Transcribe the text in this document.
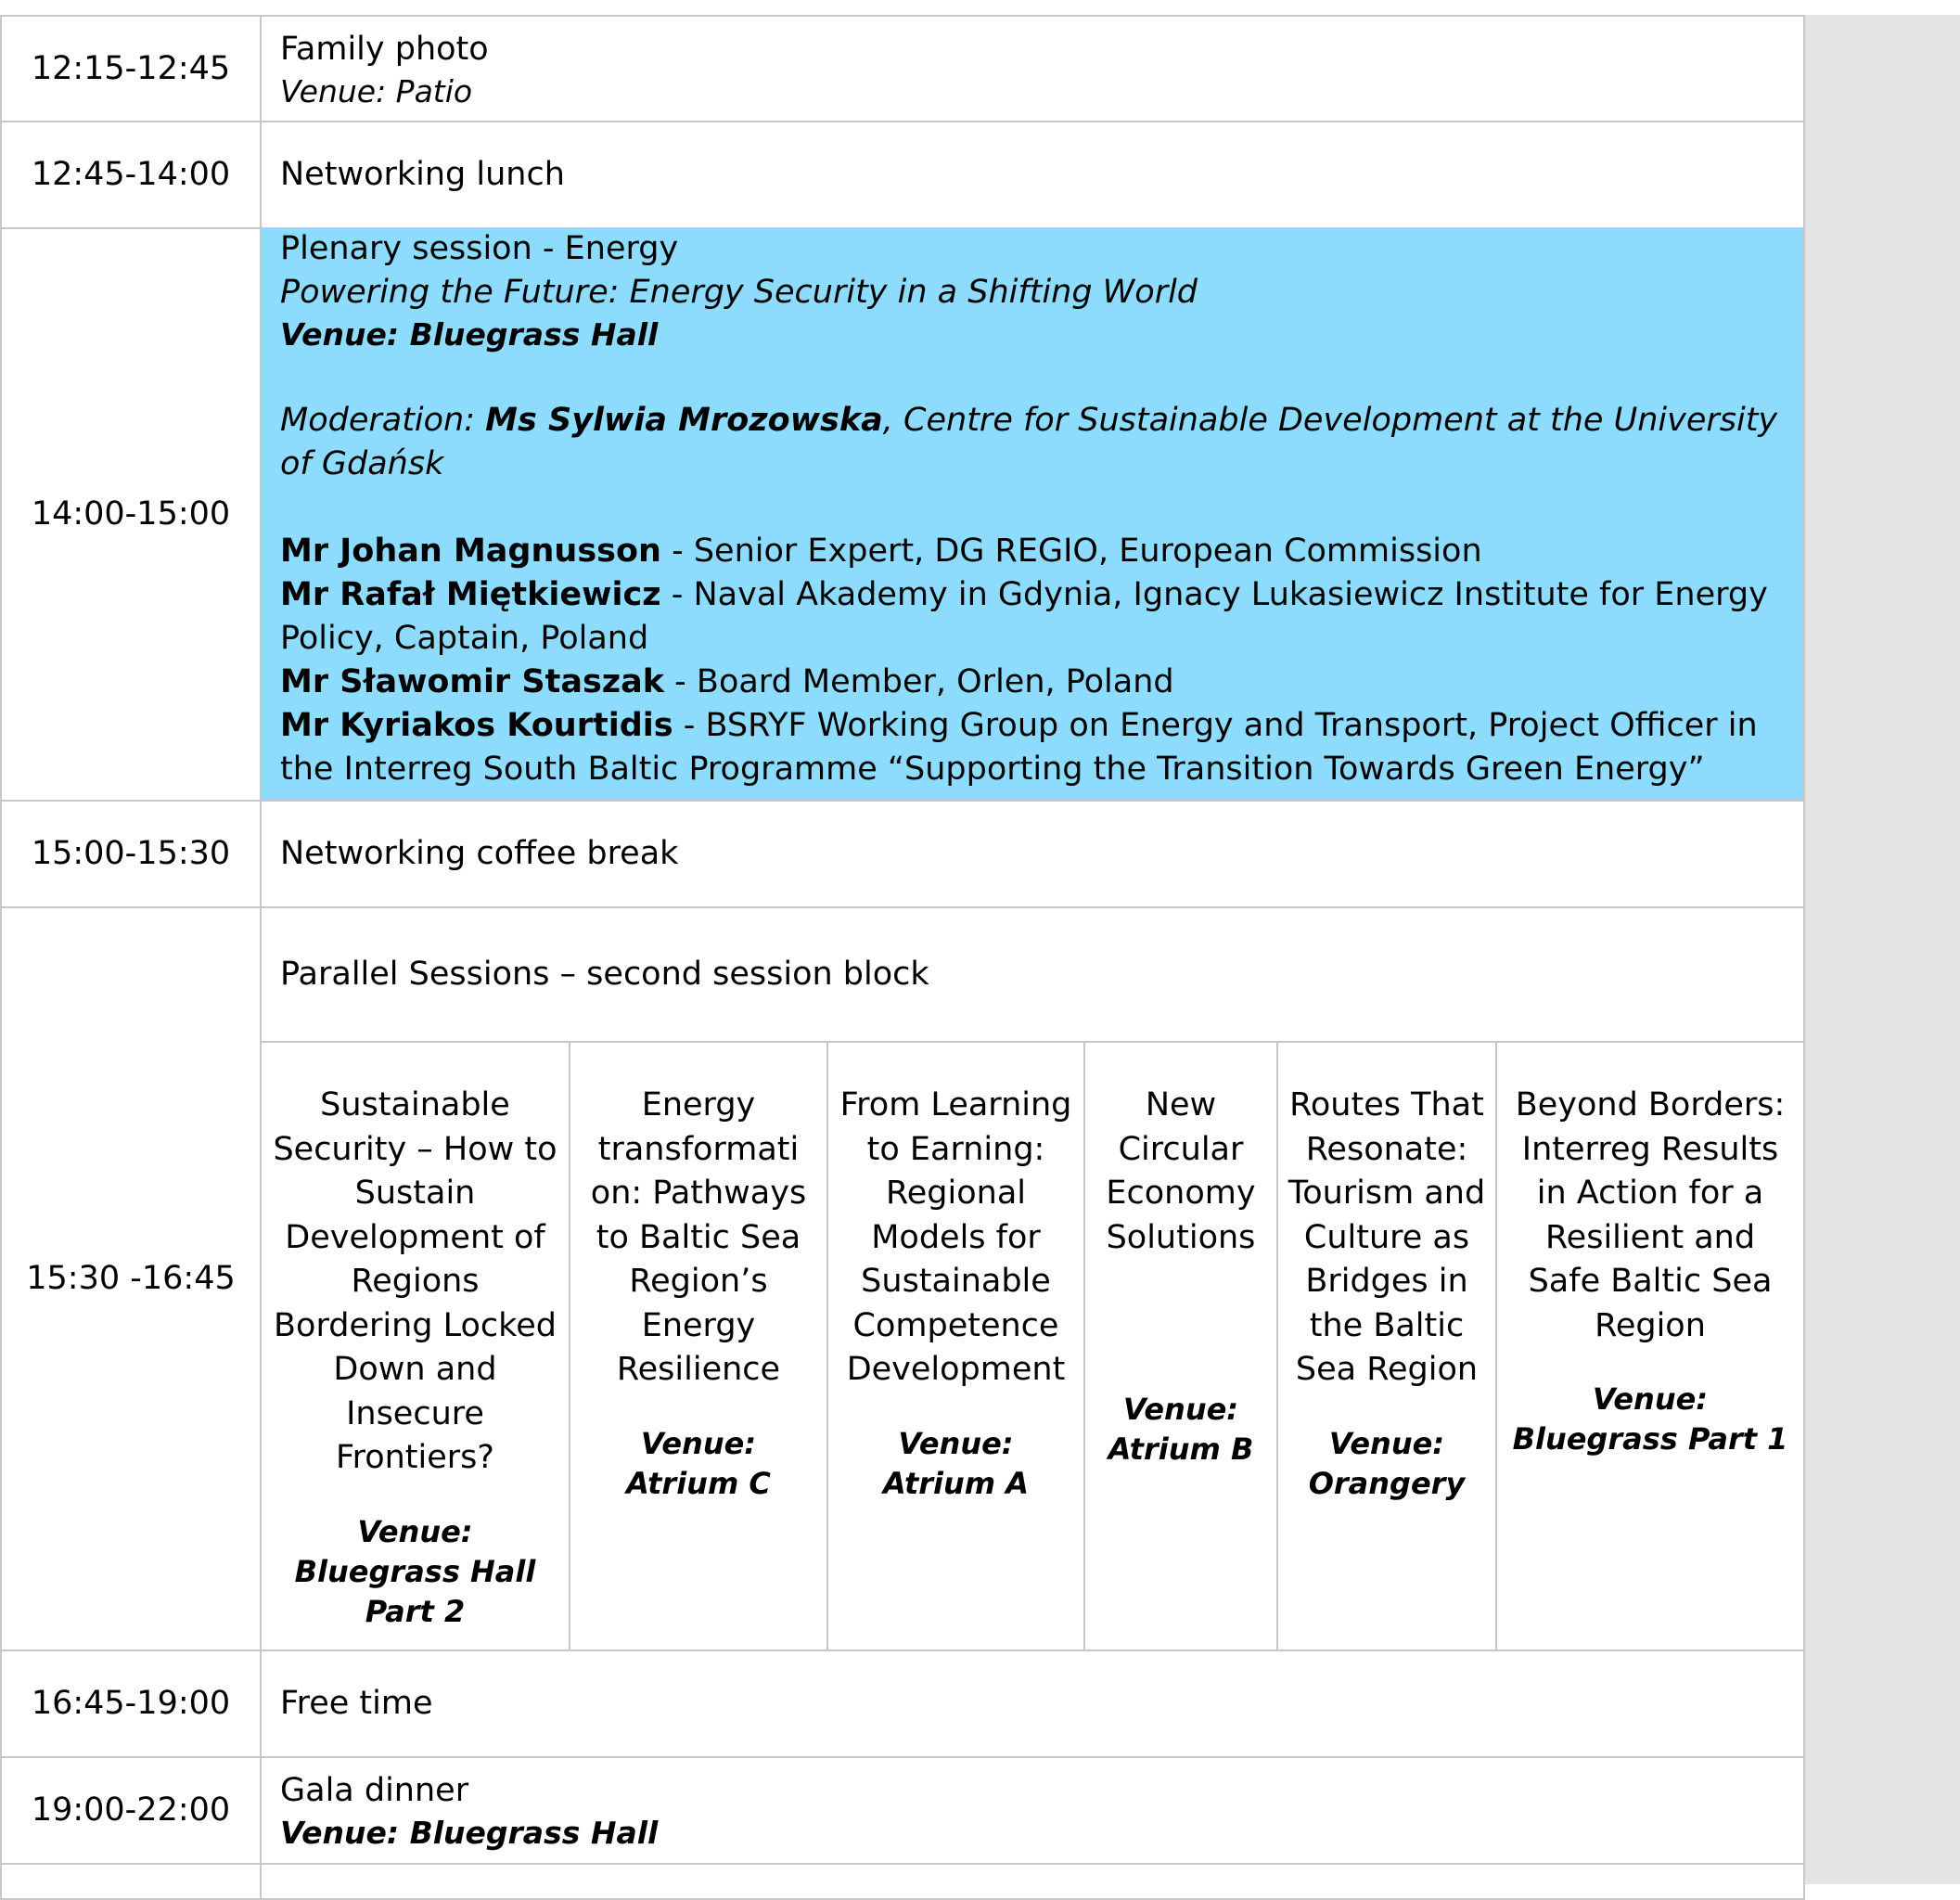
12:15-12:45
Family photo
Venue: Patio
12:45-14:00 Networking lunch
14:00-15:00

Plenary session - Energy

Powering the Future: Energy Security in a Shifting World

Venue: Bluegrass Hall

Moderation: Ms Sylwia Mrozowska, Centre for Sustainable Development at the University of Gdańsk

Mr Johan Magnusson - Senior Expert, DG REGIO, European Commission

Mr Rafał Miętkiewicz - Naval Akademy in Gdynia, Ignacy Lukasiewicz Institute for Energy Policy, Captain, Poland

Mr Sławomir Staszak - Board Member, Orlen, Poland

Mr Kyriakos Kourtidis - BSRYF Working Group on Energy and Transport, Project Officer in the Interreg South Baltic Programme “Supporting the Transition Towards Green Energy”

15:00-15:30 Networking coffee break
15:30 -16:45
Parallel Sessions – second session block
Sustainable Security – How to Sustain Development of Regions Bordering Locked Down and Insecure Frontiers?
Venue:
Bluegrass Hall Part 2
Energy transformati on: Pathways to Baltic Sea Region’s Energy Resilience
Venue:
Atrium C
From Learning to Earning: Regional Models for Sustainable Competence Development
Venue:
Atrium A
New Circular Economy Solutions
Venue:
Atrium B
Routes That Resonate: Tourism and Culture as Bridges in the Baltic Sea Region
Venue:
Orangery
Beyond Borders: Interreg Results in Action for a Resilient and Safe Baltic Sea Region
Venue:
Bluegrass Part 1
16:45-19:00 Free time
19:00-22:00
Gala dinner
Venue: Bluegrass Hall
